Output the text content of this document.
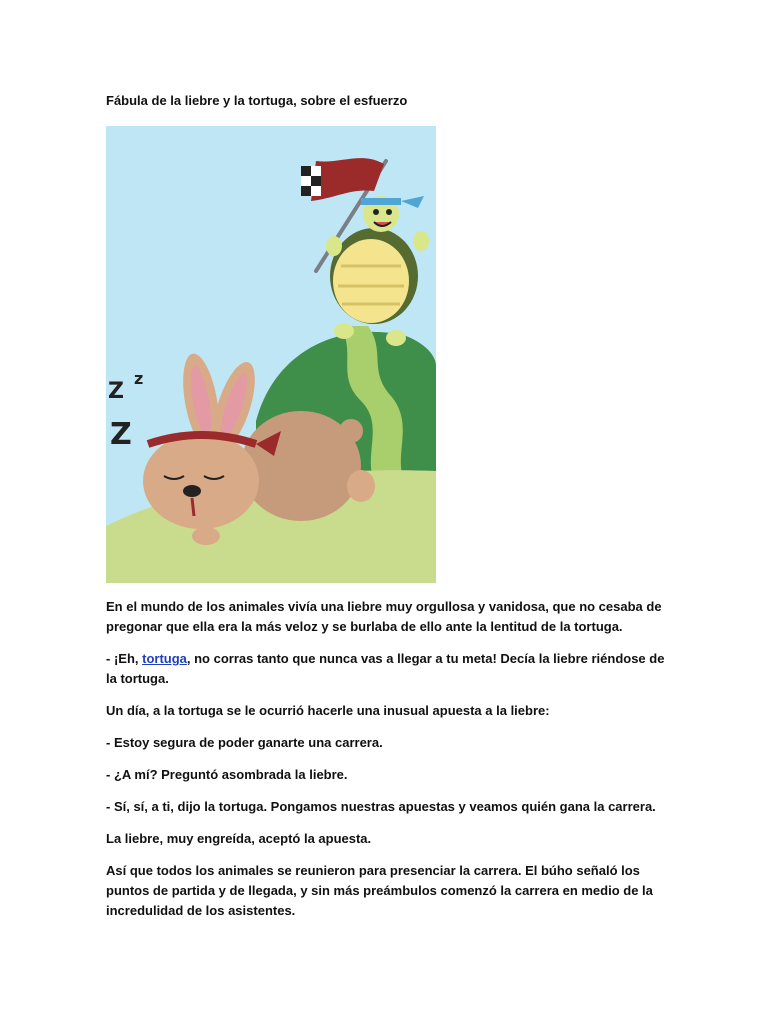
Fábula de la liebre y la tortuga, sobre el esfuerzo

Z
z
Z

En el mundo de los animales vivía una liebre muy orgullosa y vanidosa, que no cesaba de pregonar que ella era la más veloz y se burlaba de ello ante la lentitud de la tortuga.

- ¡Eh, tortuga, no corras tanto que nunca vas a llegar a tu meta! Decía la liebre riéndose de la tortuga.

Un día, a la tortuga se le ocurrió hacerle una inusual apuesta a la liebre:

- Estoy segura de poder ganarte una carrera.

- ¿A mí? Preguntó asombrada la liebre.

- Sí, sí, a ti, dijo la tortuga. Pongamos nuestras apuestas y veamos quién gana la carrera.

La liebre, muy engreída, aceptó la apuesta.

Así que todos los animales se reunieron para presenciar la carrera. El búho señaló los puntos de partida y de llegada, y sin más preámbulos comenzó la carrera en medio de la incredulidad de los asistentes.
